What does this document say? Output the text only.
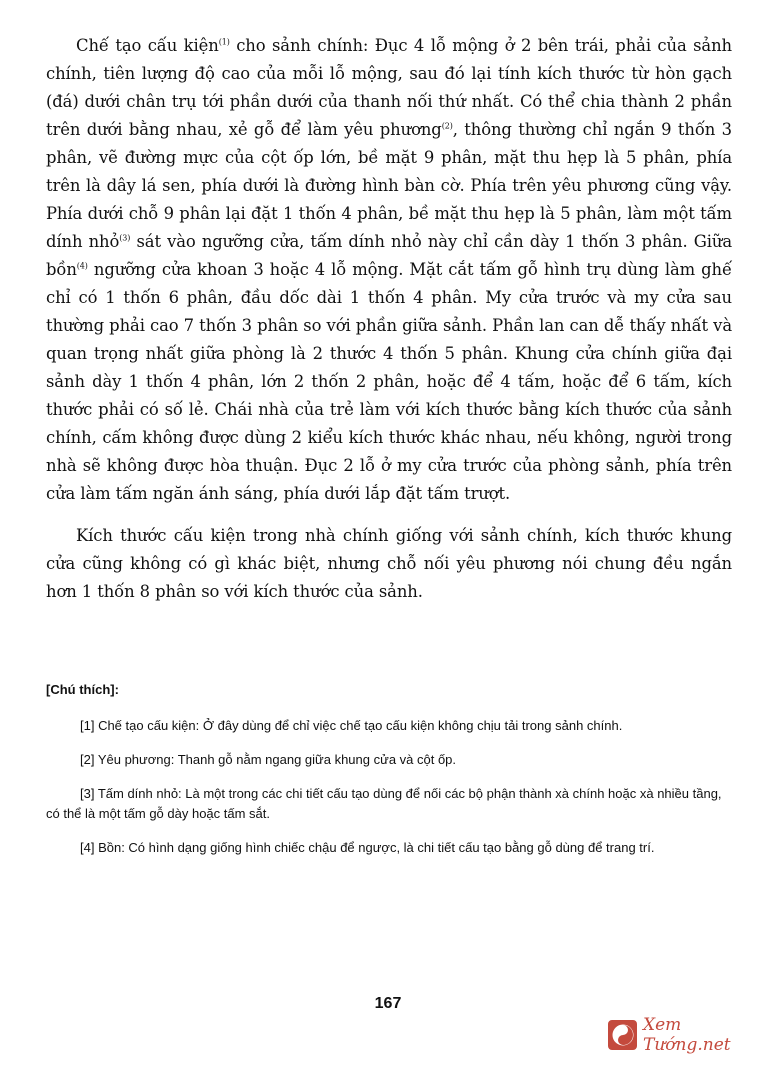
Chế tạo cấu kiện$^{(1)}$ cho sảnh chính: Đục 4 lỗ mộng ở 2 bên trái, phải của sảnh chính, tiên lượng độ cao của mỗi lỗ mộng, sau đó lại tính kích thước từ hòn gạch (đá) dưới chân trụ tới phần dưới của thanh nối thứ nhất. Có thể chia thành 2 phần trên dưới bằng nhau, xẻ gỗ để làm yêu phương$^{(2)}$, thông thường chỉ ngắn 9 thốn 3 phân, vẽ đường mực của cột ốp lớn, bề mặt 9 phân, mặt thu hẹp là 5 phân, phía trên là dây lá sen, phía dưới là đường hình bàn cờ. Phía trên yêu phương cũng vậy. Phía dưới chỗ 9 phân lại đặt 1 thốn 4 phân, bề mặt thu hẹp là 5 phân, làm một tấm dính nhỏ$^{(3)}$ sát vào ngưỡng cửa, tấm dính nhỏ này chỉ cần dày 1 thốn 3 phân. Giữa bồn$^{(4)}$ ngưỡng cửa khoan 3 hoặc 4 lỗ mộng. Mặt cắt tấm gỗ hình trụ dùng làm ghế chỉ có 1 thốn 6 phân, đầu dốc dài 1 thốn 4 phân. My cửa trước và my cửa sau thường phải cao 7 thốn 3 phân so với phần giữa sảnh. Phần lan can dễ thấy nhất và quan trọng nhất giữa phòng là 2 thước 4 thốn 5 phân. Khung cửa chính giữa đại sảnh dày 1 thốn 4 phân, lớn 2 thốn 2 phân, hoặc để 4 tấm, hoặc để 6 tấm, kích thước phải có số lẻ. Chái nhà của trẻ làm với kích thước bằng kích thước của sảnh chính, cấm không được dùng 2 kiểu kích thước khác nhau, nếu không, người trong nhà sẽ không được hòa thuận. Đục 2 lỗ ở my cửa trước của phòng sảnh, phía trên cửa làm tấm ngăn ánh sáng, phía dưới lắp đặt tấm trượt.

Kích thước cấu kiện trong nhà chính giống với sảnh chính, kích thước khung cửa cũng không có gì khác biệt, nhưng chỗ nối yêu phương nói chung đều ngắn hơn 1 thốn 8 phân so với kích thước của sảnh.

[Chú thích]:

[1] Chế tạo cấu kiện: Ở đây dùng để chỉ việc chế tạo cấu kiện không chịu tải trong sảnh chính.

[2] Yêu phương: Thanh gỗ nằm ngang giữa khung cửa và cột ốp.

[3] Tấm dính nhỏ: Là một trong các chi tiết cấu tạo dùng để nối các bộ phận thành xà chính hoặc xà nhiều tầng, có thể là một tấm gỗ dày hoặc tấm sắt.

[4] Bồn: Có hình dạng giống hình chiếc chậu để ngược, là chi tiết cấu tạo bằng gỗ dùng để trang trí.

167
Xem Tướng.net
